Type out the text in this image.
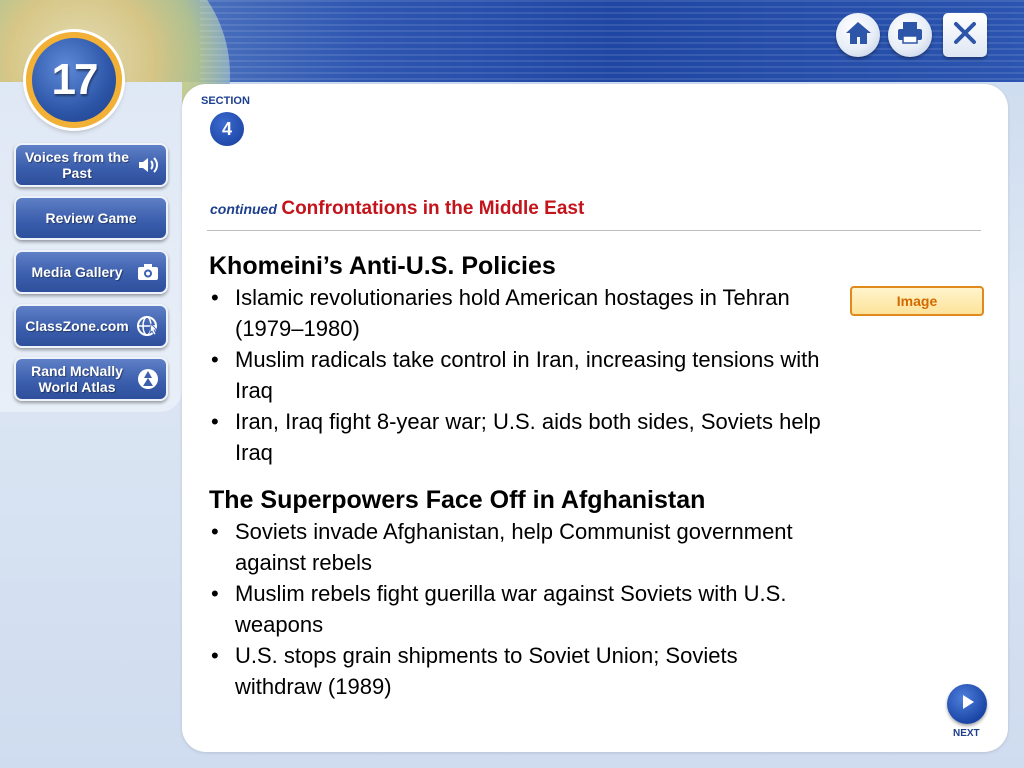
17
Voices from the Past
Review Game
Media Gallery
ClassZone.com
Rand McNally World Atlas
SECTION
4
continued Confrontations in the Middle East
Khomeini’s Anti-U.S. Policies
• Islamic revolutionaries hold American hostages in Tehran (1979–1980)
• Muslim radicals take control in Iran, increasing tensions with Iraq
• Iran, Iraq fight 8-year war; U.S. aids both sides, Soviets help Iraq
The Superpowers Face Off in Afghanistan
• Soviets invade Afghanistan, help Communist government against rebels
• Muslim rebels fight guerilla war against Soviets with U.S. weapons
• U.S. stops grain shipments to Soviet Union; Soviets withdraw (1989)
Image
NEXT
